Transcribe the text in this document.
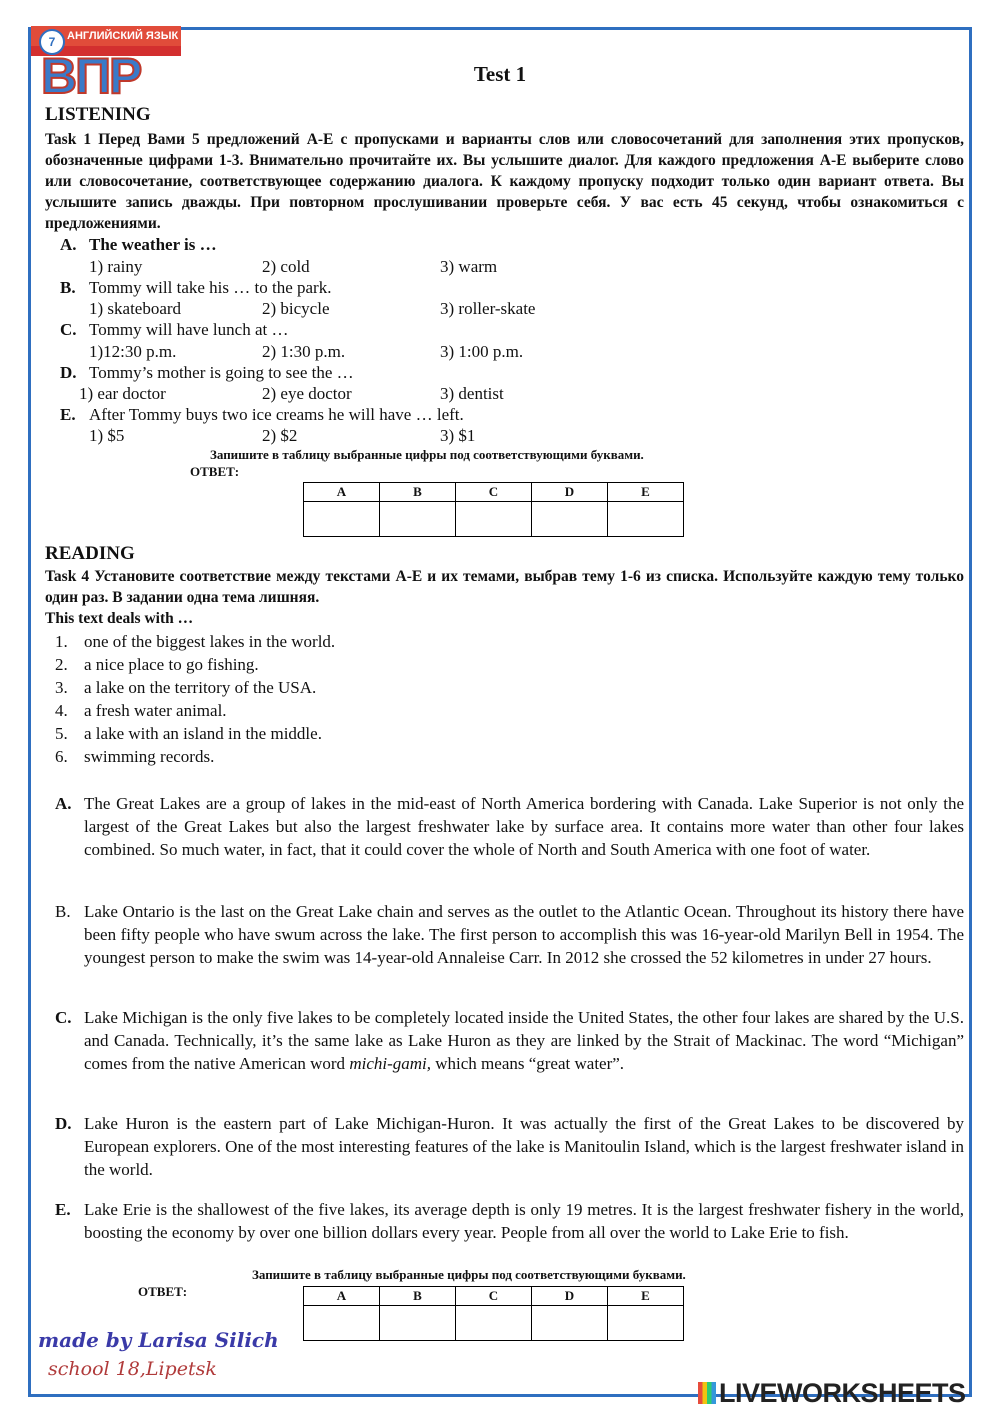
АНГЛИЙСКИЙ ЯЗЫК
7
ВПР	Test 1
LISTENING
Task 1 Перед Вами 5 предложений A-E с пропусками и варианты слов или словосочетаний для заполнения этих пропусков, обозначенные цифрами 1-3. Внимательно прочитайте их. Вы услышите диалог. Для каждого предложения A-E выберите слово или словосочетание, соответствующее содержанию диалога. К каждому пропуску подходит только один вариант ответа. Вы услышите запись дважды. При повторном прослушивании проверьте себя. У вас есть 45 секунд, чтобы ознакомиться с предложениями.
A. The weather is …
1) rainy	2) cold	3) warm
B. Tommy will take his … to the park.
1) skateboard	2) bicycle	3) roller-skate
C. Tommy will have lunch at …
1)12:30 p.m.	2) 1:30 p.m.	3) 1:00 p.m.
D. Tommy’s mother is going to see the …
1) ear doctor	2) eye doctor	3) dentist
E. After Tommy buys two ice creams he will have … left.
1) $5	2) $2	3) $1
Запишите в таблицу выбранные цифры под соответствующими буквами.
ОТВЕТ:
A	B	C	D	E

READING
Task 4 Установите соответствие между текстами A-E и их темами, выбрав тему 1-6 из списка. Используйте каждую тему только один раз. В задании одна тема лишняя.
This text deals with …
1. one of the biggest lakes in the world.
2. a nice place to go fishing.
3. a lake on the territory of the USA.
4. a fresh water animal.
5. a lake with an island in the middle.
6. swimming records.
A. The Great Lakes are a group of lakes in the mid-east of North America bordering with Canada. Lake Superior is not only the largest of the Great Lakes but also the largest freshwater lake by surface area. It contains more water than other four lakes combined. So much water, in fact, that it could cover the whole of North and South America with one foot of water.
B. Lake Ontario is the last on the Great Lake chain and serves as the outlet to the Atlantic Ocean. Throughout its history there have been fifty people who have swum across the lake. The first person to accomplish this was 16-year-old Marilyn Bell in 1954. The youngest person to make the swim was 14-year-old Annaleise Carr. In 2012 she crossed the 52 kilometres in under 27 hours.
C. Lake Michigan is the only five lakes to be completely located inside the United States, the other four lakes are shared by the U.S. and Canada. Technically, it’s the same lake as Lake Huron as they are linked by the Strait of Mackinac. The word “Michigan” comes from the native American word michi-gami, which means “great water”.
D. Lake Huron is the eastern part of Lake Michigan-Huron. It was actually the first of the Great Lakes to be discovered by European explorers. One of the most interesting features of the lake is Manitoulin Island, which is the largest freshwater island in the world.
E. Lake Erie is the shallowest of the five lakes, its average depth is only 19 metres. It is the largest freshwater fishery in the world, boosting the economy by over one billion dollars every year. People from all over the world to Lake Erie to fish.
Запишите в таблицу выбранные цифры под соответствующими буквами.
ОТВЕТ:	A	B	C	D	E

made by Larisa Silich
school 18,Lipetsk
LIVEWORKSHEETS
